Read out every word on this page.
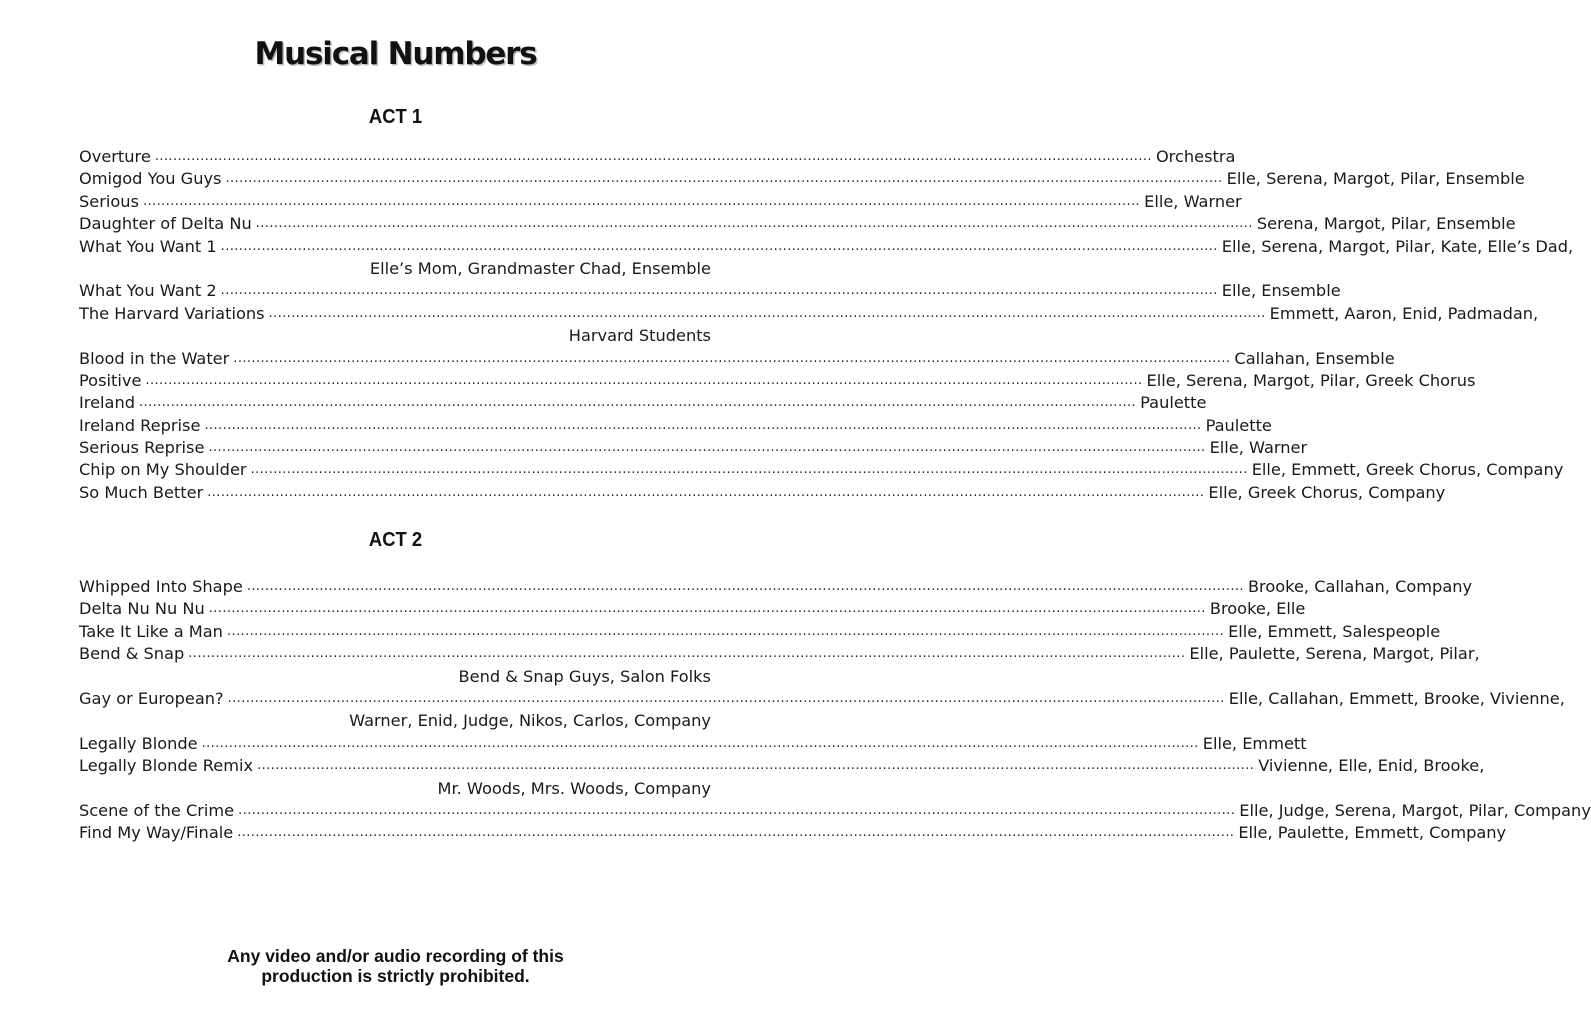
Musical Numbers
ACT 1
Overture ............................................................................................................................................................................................................................ Orchestra
Omigod You Guys ............................................................................................................................................................................................................................ Elle, Serena, Margot, Pilar, Ensemble
Serious ............................................................................................................................................................................................................................ Elle, Warner
Daughter of Delta Nu ............................................................................................................................................................................................................................ Serena, Margot, Pilar, Ensemble
What You Want 1 ............................................................................................................................................................................................................................ Elle, Serena, Margot, Pilar, Kate, Elle’s Dad,
Elle’s Mom, Grandmaster Chad, Ensemble
What You Want 2 ............................................................................................................................................................................................................................ Elle, Ensemble
The Harvard Variations ............................................................................................................................................................................................................................ Emmett, Aaron, Enid, Padmadan,
Harvard Students
Blood in the Water ............................................................................................................................................................................................................................ Callahan, Ensemble
Positive ............................................................................................................................................................................................................................ Elle, Serena, Margot, Pilar, Greek Chorus
Ireland ............................................................................................................................................................................................................................ Paulette
Ireland Reprise ............................................................................................................................................................................................................................ Paulette
Serious Reprise ............................................................................................................................................................................................................................ Elle, Warner
Chip on My Shoulder ............................................................................................................................................................................................................................ Elle, Emmett, Greek Chorus, Company
So Much Better ............................................................................................................................................................................................................................ Elle, Greek Chorus, Company
ACT 2
Whipped Into Shape ............................................................................................................................................................................................................................ Brooke, Callahan, Company
Delta Nu Nu Nu ............................................................................................................................................................................................................................ Brooke, Elle
Take It Like a Man ............................................................................................................................................................................................................................ Elle, Emmett, Salespeople
Bend & Snap ............................................................................................................................................................................................................................ Elle, Paulette, Serena, Margot, Pilar,
Bend & Snap Guys, Salon Folks
Gay or European? ............................................................................................................................................................................................................................ Elle, Callahan, Emmett, Brooke, Vivienne,
Warner, Enid, Judge, Nikos, Carlos, Company
Legally Blonde ............................................................................................................................................................................................................................ Elle, Emmett
Legally Blonde Remix ............................................................................................................................................................................................................................ Vivienne, Elle, Enid, Brooke,
Mr. Woods, Mrs. Woods, Company
Scene of the Crime ............................................................................................................................................................................................................................ Elle, Judge, Serena, Margot, Pilar, Company
Find My Way/Finale ............................................................................................................................................................................................................................ Elle, Paulette, Emmett, Company
Any video and/or audio recording of this
production is strictly prohibited.
